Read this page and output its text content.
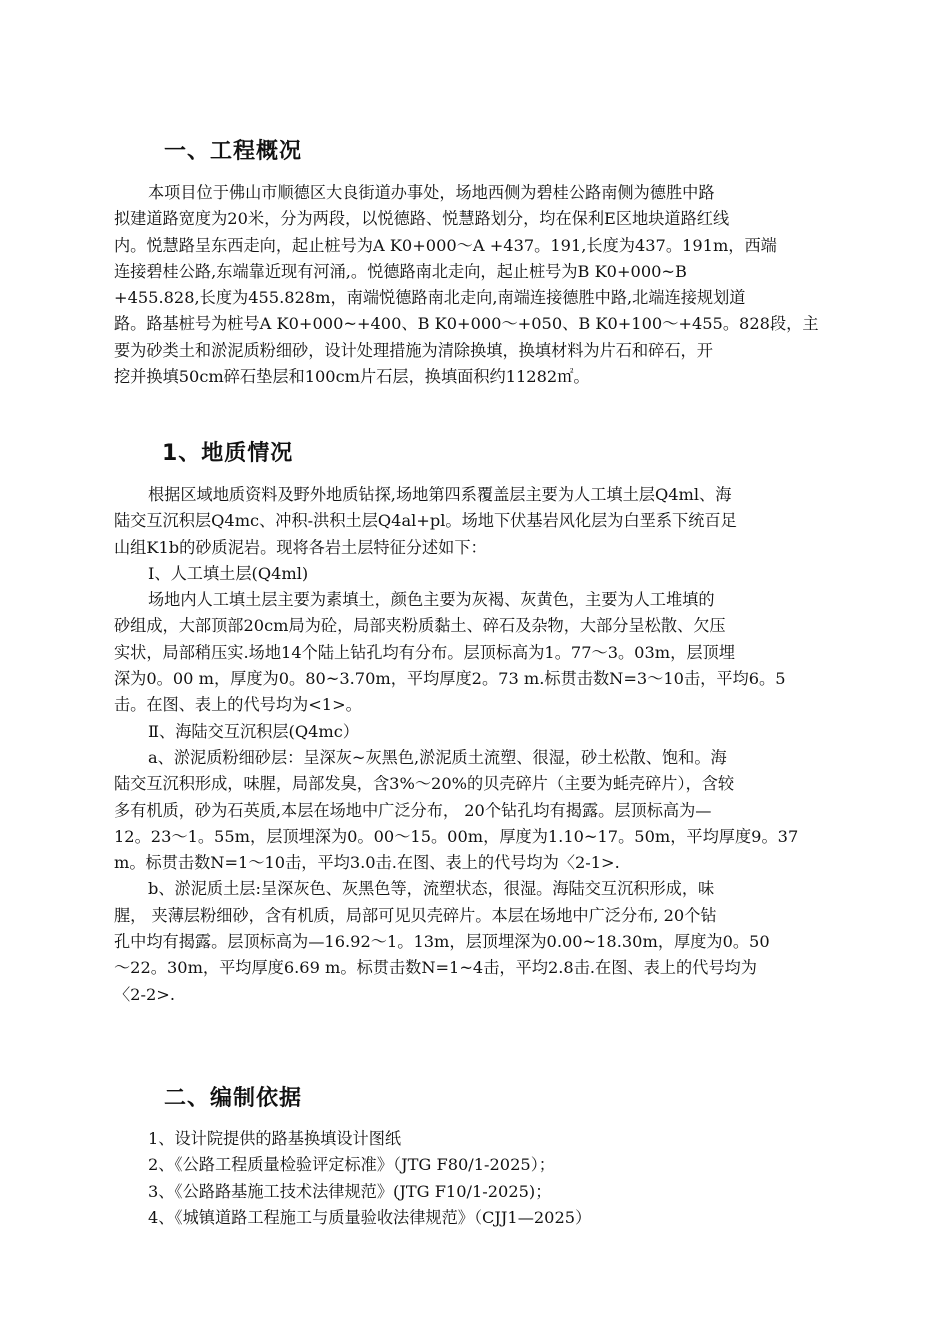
一、工程概况
本项目位于佛山市顺德区大良街道办事处，场地西侧为碧桂公路南侧为德胜中路
拟建道路宽度为20米，分为两段，以悦德路、悦慧路划分，均在保利E区地块道路红线
内。悦慧路呈东西走向，起止桩号为A K0+000～A +437。191,长度为437。191m，西端
连接碧桂公路,东端靠近现有河涌,。悦德路南北走向，起止桩号为B K0+000~B
+455.828,长度为455.828m，南端悦德路南北走向,南端连接德胜中路,北端连接规划道
路。路基桩号为桩号A K0+000~+400、B K0+000～+050、B K0+100～+455。828段，主
要为砂类土和淤泥质粉细砂，设计处理措施为清除换填，换填材料为片石和碎石，开
挖并换填50cm碎石垫层和100cm片石层，换填面积约11282㎡。
1、地质情况
根据区域地质资料及野外地质钻探,场地第四系覆盖层主要为人工填土层Q4ml、海
陆交互沉积层Q4mc、冲积-洪积土层Q4al+pl。场地下伏基岩风化层为白垩系下统百足
山组K1b的砂质泥岩。现将各岩土层特征分述如下：
Ⅰ、人工填土层(Q4ml)
场地内人工填土层主要为素填土，颜色主要为灰褐、灰黄色，主要为人工堆填的
砂组成，大部顶部20cm局为砼，局部夹粉质黏土、碎石及杂物，大部分呈松散、欠压
实状，局部稍压实.场地14个陆上钻孔均有分布。层顶标高为1。77～3。03m，层顶埋
深为0。00 m，厚度为0。80~3.70m，平均厚度2。73 m.标贯击数N=3～10击，平均6。5
击。在图、表上的代号均为<1>。
Ⅱ、海陆交互沉积层(Q4mc）
a、淤泥质粉细砂层：呈深灰~灰黑色,淤泥质土流塑、很湿，砂土松散、饱和。海
陆交互沉积形成，味腥，局部发臭，含3%～20%的贝壳碎片（主要为蚝壳碎片），含较
多有机质，砂为石英质,本层在场地中广泛分布， 20个钻孔均有揭露。层顶标高为—
12。23～1。55m，层顶埋深为0。00～15。00m，厚度为1.10~17。50m，平均厚度9。37
m。标贯击数N=1～10击，平均3.0击.在图、表上的代号均为〈2-1>.
b、淤泥质土层:呈深灰色、灰黑色等，流塑状态，很湿。海陆交互沉积形成，味
腥， 夹薄层粉细砂，含有机质，局部可见贝壳碎片。本层在场地中广泛分布, 20个钻
孔中均有揭露。层顶标高为—16.92～1。13m，层顶埋深为0.00~18.30m，厚度为0。50
～22。30m，平均厚度6.69 m。标贯击数N=1~4击，平均2.8击.在图、表上的代号均为
〈2-2>.
二、编制依据
1、设计院提供的路基换填设计图纸
2、《公路工程质量检验评定标准》（JTG F80/1-2025）；
3、《公路路基施工技术法律规范》(JTG F10/1-2025)；
4、《城镇道路工程施工与质量验收法律规范》（CJJ1—2025）
